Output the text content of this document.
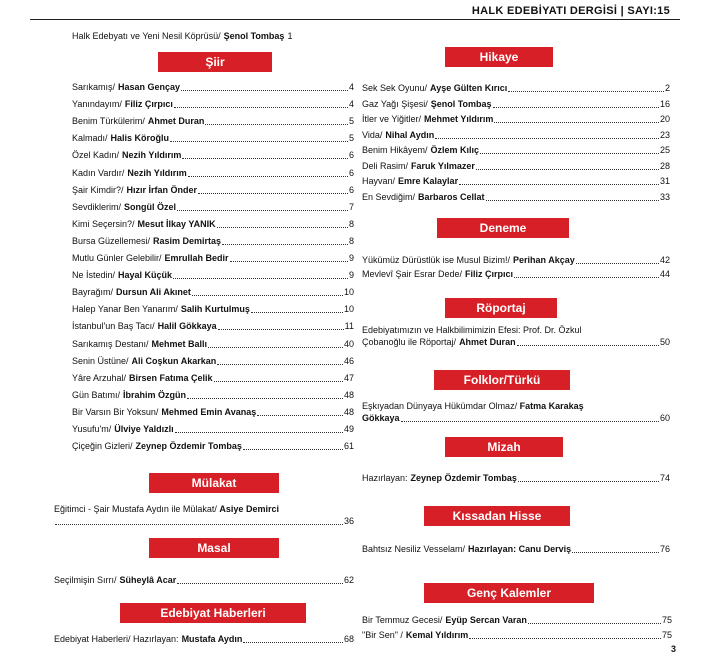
HALK EDEBİYATI DERGİSİ | SAYI:15
Halk Edebyatı ve Yeni Nesil Köprüsü/ Şenol Tombaş 1
Şiir
Sarıkamış/ Hasan Gençay	4
Yanındayım/ Filiz Çırpıcı	4
Benim Türkülerim/ Ahmet Duran	5
Kalmadı/ Halis Köroğlu	5
Özel Kadın/ Nezih Yıldırım	6
Kadın Vardır/ Nezih Yıldırım	6
Şair Kimdir?/ Hızır İrfan Önder	6
Sevdiklerim/ Songül Özel	7
Kimi Seçersin?/ Mesut İlkay YANIK	8
Bursa Güzellemesi/ Rasim Demirtaş	8
Mutlu Günler Gelebilir/ Emrullah Bedir	9
Ne İstedin/ Hayal Küçük	9
Bayrağım/ Dursun Ali Akınet	10
Halep Yanar Ben Yanarım/ Salih Kurtulmuş	10
İstanbul'un Baş Tacı/ Halil Gökkaya	11
Sarıkamış Destanı/ Mehmet Ballı	40
Senin Üstüne/ Ali Coşkun Akarkan	46
Yâre Arzuhal/ Birsen Fatıma Çelik	47
Gün Batımı/ İbrahim Özgün	48
Bir Varsın Bir Yoksun/ Mehmed Emin Avanaş	48
Yusufu'm/ Ülviye Yaldızlı	49
Çiçeğin Gizleri/ Zeynep Özdemir Tombaş	61
Mülakat
Eğitimci - Şair Mustafa Aydın ile Mülakat/ Asiye Demirci
36
Masal
Seçilmişin Sırrı/ Süheylâ Acar	62
Edebiyat Haberleri
Edebiyat Haberleri/ Hazırlayan: Mustafa Aydın	68
Hikaye
Sek Sek Oyunu/ Ayşe Gülten Kırıcı	2
Gaz Yağı Şişesi/ Şenol Tombaş	16
İtler ve Yiğitler/ Mehmet Yıldırım	20
Vida/ Nihal Aydın	23
Benim Hikâyem/ Özlem Kılıç	25
Deli Rasim/ Faruk Yılmazer	28
Hayvan/ Emre Kalaylar	31
En Sevdiğim/ Barbaros Cellat	33
Deneme
Yükümüz Dürüstlük ise Musul Bizim!/ Perihan Akçay	42
Mevlevî Şair Esrar Dede/ Filiz Çırpıcı	44
Röportaj
Edebiyatımızın ve Halkbilimimizin Efesi: Prof. Dr. Özkul
Çobanoğlu ile Röportaj/ Ahmet Duran	50
Folklor/Türkü
Eşkıyadan Dünyaya Hükümdar Olmaz/ Fatma Karakaş
Gökkaya	60
Mizah
Hazırlayan: Zeynep Özdemir Tombaş	74
Kıssadan Hisse
Bahtsız Nesiliz Vesselam/ Hazırlayan: Canu Derviş	76
Genç Kalemler
Bir Temmuz Gecesi/ Eyüp Sercan Varan	75
"Bir Sen" / Kemal Yıldırım	75
3
